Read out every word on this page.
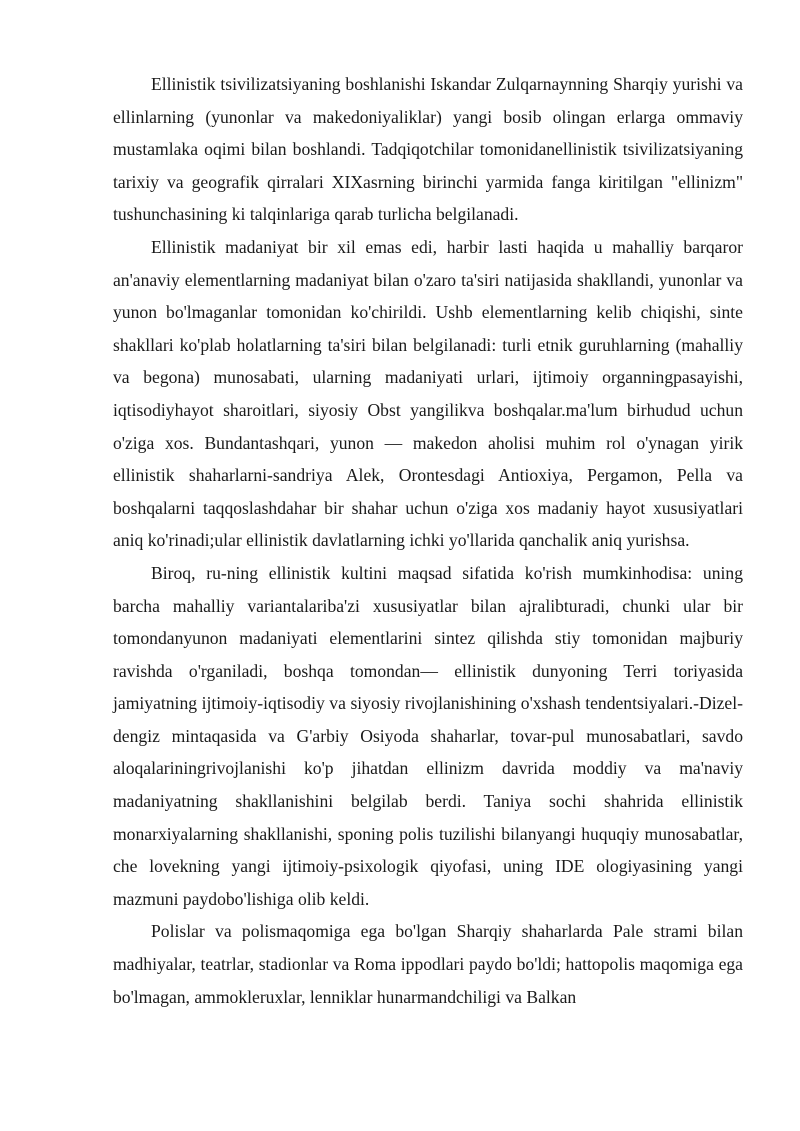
Ellinistik tsivilizatsiyaning boshlanishi Iskandar Zulqarnaynning Sharqiy yurishi va ellinlarning (yunonlar va makedoniyaliklar) yangi bosib olingan erlarga ommaviy mustamlaka oqimi bilan boshlandi. Tadqiqotchilar tomonidanellinistik tsivilizatsiyaning tarixiy va geografik qirralari XIXasrning birinchi yarmida fanga kiritilgan "ellinizm" tushunchasining ki talqinlariga qarab turlicha belgilanadi.

Ellinistik madaniyat bir xil emas edi, harbir lasti haqida u mahalliy barqaror an'anaviy elementlarning madaniyat bilan o'zaro ta'siri natijasida shakllandi, yunonlar va yunon bo'lmaganlar tomonidan ko'chirildi. Ushb elementlarning kelib chiqishi, sinte shakllari ko'plab holatlarning ta'siri bilan belgilanadi: turli etnik guruhlarning (mahalliy va begona) munosabati, ularning madaniyati urlari, ijtimoiy organningpasayishi, iqtisodiyhayot sharoitlari, siyosiy Obst yangilikva boshqalar.ma'lum birhudud uchun o'ziga xos. Bundantashqari, yunon — makedon aholisi muhim rol o'ynagan yirik ellinistik shaharlarni-sandriya Alek, Orontesdagi Antioxiya, Pergamon, Pella va boshqalarni taqqoslashdahar bir shahar uchun o'ziga xos madaniy hayot xususiyatlari aniq ko'rinadi;ular ellinistik davlatlarning ichki yo'llarida qanchalik aniq yurishsa.

Biroq, ru-ning ellinistik kultini maqsad sifatida ko'rish mumkinhodisa: uning barcha mahalliy variantalariba'zi xususiyatlar bilan ajralibturadi, chunki ular bir tomondanyunon madaniyati elementlarini sintez qilishda stiy tomonidan majburiy ravishda o'rganiladi, boshqa tomondan— ellinistik dunyoning Terri toriyasida jamiyatning ijtimoiy-iqtisodiy va siyosiy rivojlanishining o'xshash tendentsiyalari.-Dizel-dengiz mintaqasida va G'arbiy Osiyoda shaharlar, tovar-pul munosabatlari, savdo aloqalariningrivojlanishi ko'p jihatdan ellinizm davrida moddiy va ma'naviy madaniyatning shakllanishini belgilab berdi. Taniya sochi shahrida ellinistik monarxiyalarning shakllanishi, sponing polis tuzilishi bilanyangi huquqiy munosabatlar, che lovekning yangi ijtimoiy-psixologik qiyofasi, uning IDE ologiyasining yangi mazmuni paydobo'lishiga olib keldi.

Polislar va polismaqomiga ega bo'lgan Sharqiy shaharlarda Pale strami bilan madhiyalar, teatrlar, stadionlar va Roma ippodlari paydo bo'ldi; hattopolis maqomiga ega bo'lmagan, ammokleruxlar, lenniklar hunarmandchiligi va Balkan
